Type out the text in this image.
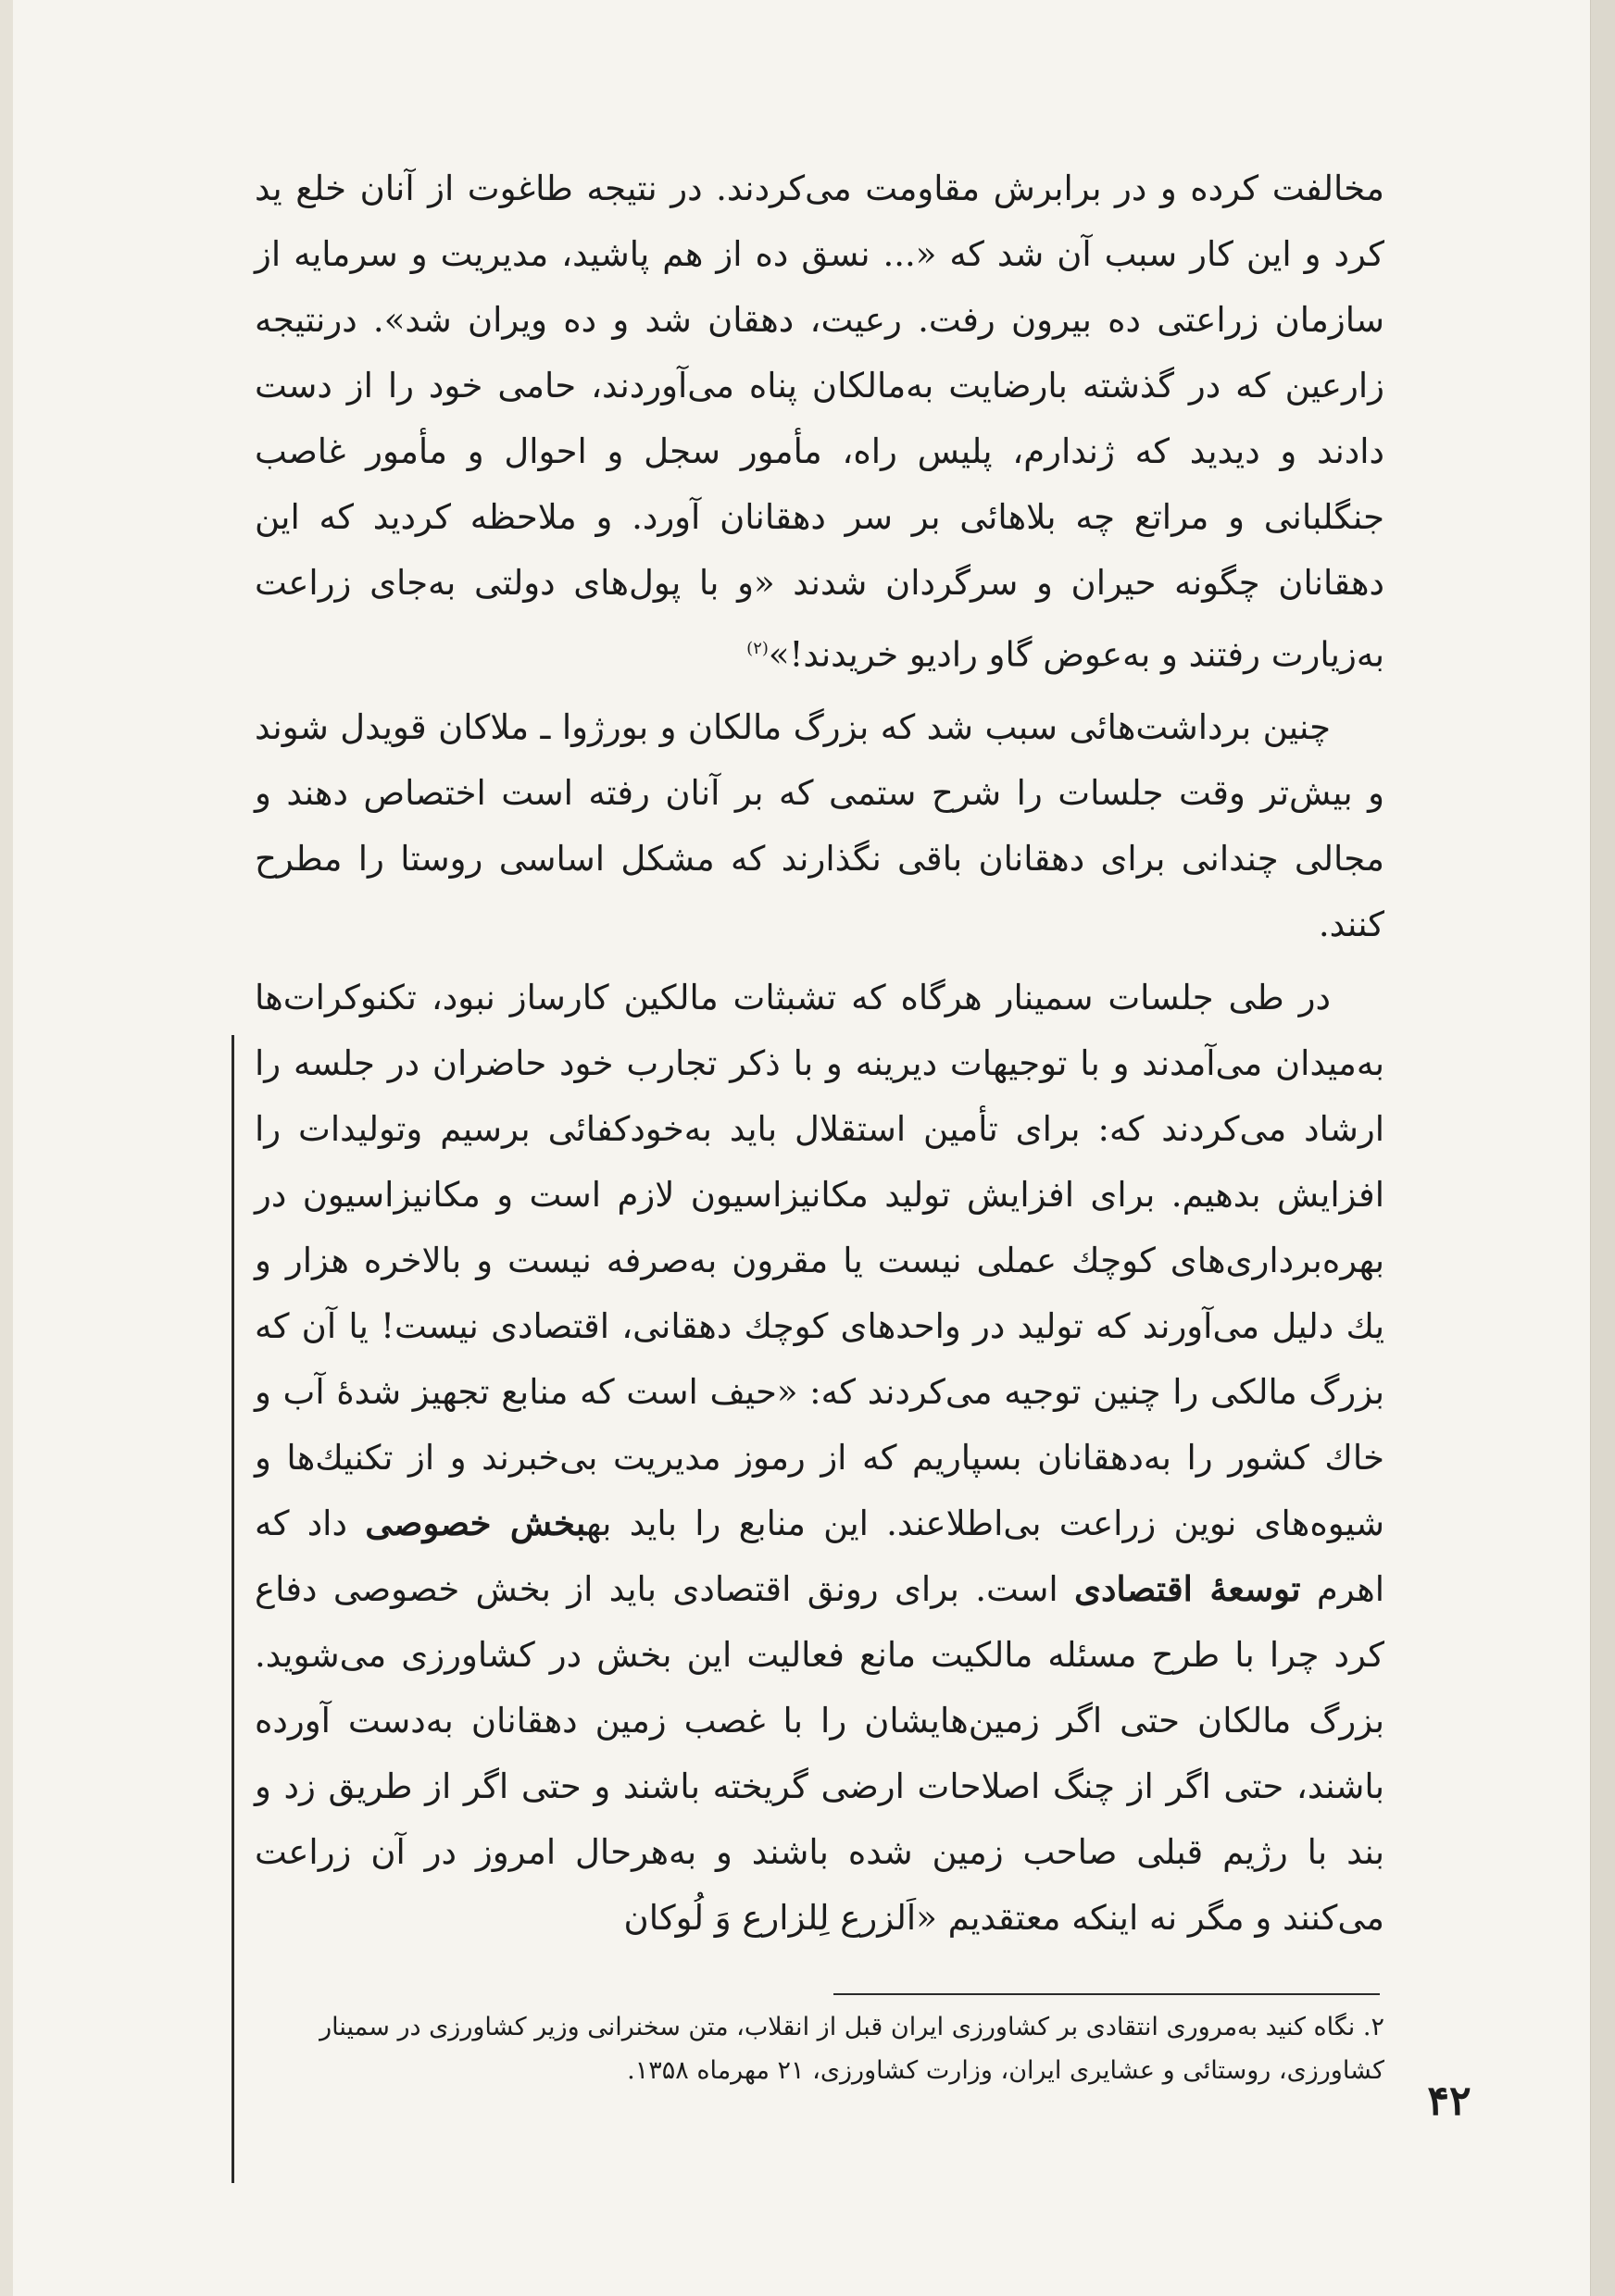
مخالفت کرده و در برابرش مقاومت می‌کردند. در نتیجه طاغوت از آنان خلع ید کرد و این کار سبب آن شد که «... نسق ده از هم پاشید، مدیریت و سرمایه از سازمان زراعتی ده بیرون رفت. رعیت، دهقان شد و ده ویران شد». درنتیجه زارعین که در گذشته بارضایت به‌مالکان پناه می‌آوردند، حامی خود را از دست دادند و دیدید که ژندارم، پلیس راه، مأمور سجل و احوال و مأمور غاصب جنگلبانی و مراتع چه بلاهائی بر سر دهقانان آورد. و ملاحظه کردید که این دهقانان چگونه حیران و سرگردان شدند «و با پول‌های دولتی به‌جای زراعت به‌زیارت رفتند و به‌عوض گاو رادیو خریدند!»$^{(۲)}$

چنین برداشت‌هائی سبب شد که بزرگ مالکان و بورژوا ـ ملاکان قویدل شوند و بیش‌تر وقت جلسات را شرح ستمی که بر آنان رفته است اختصاص دهند و مجالی چندانی برای دهقانان باقی نگذارند که مشکل اساسی روستا را مطرح کنند.

در طی جلسات سمینار هرگاه که تشبثات مالکین کارساز نبود، تکنوکرات‌ها به‌میدان می‌آمدند و با توجیهات دیرینه و با ذکر تجارب خود حاضران در جلسه را ارشاد می‌کردند که: برای تأمین استقلال باید به‌خودکفائی برسیم وتولیدات را افزایش بدهیم. برای افزایش تولید مکانیزاسیون لازم است و مکانیزاسیون در بهره‌برداری‌های کوچك عملی نیست یا مقرون به‌صرفه نیست و بالاخره هزار و یك دلیل می‌آورند که تولید در واحدهای کوچك دهقانی، اقتصادی نیست! یا آن که بزرگ مالکی را چنین توجیه می‌کردند که: «حیف است که منابع تجهیز شدهٔ آب و خاك کشور را به‌دهقانان بسپاریم که از رموز مدیریت بی‌خبرند و از تکنیك‌ها و شیوه‌های نوین زراعت بی‌اطلاعند. این منابع را باید بهبخش خصوصی داد که اهرم توسعهٔ اقتصادی است. برای رونق اقتصادی باید از بخش خصوصی دفاع کرد چرا با طرح مسئله مالکیت مانع فعالیت این بخش در کشاورزی می‌شوید. بزرگ مالکان حتی اگر زمین‌هایشان را با غصب زمین دهقانان به‌دست آورده باشند، حتی اگر از چنگ اصلاحات ارضی گریخته باشند و حتی اگر از طریق زد و بند با رژیم قبلی صاحب زمین شده باشند و به‌هرحال امروز در آن زراعت می‌کنند و مگر نه اینکه معتقدیم «اَلزرع لِلزارع وَ لُوکان

۲. نگاه کنید به‌مروری انتقادی بر کشاورزی ایران قبل از انقلاب، متن سخنرانی وزیر کشاورزی در سمینار کشاورزی، روستائی و عشایری ایران، وزارت کشاورزی، ۲۱ مهرماه ۱۳۵۸.

۴۲
